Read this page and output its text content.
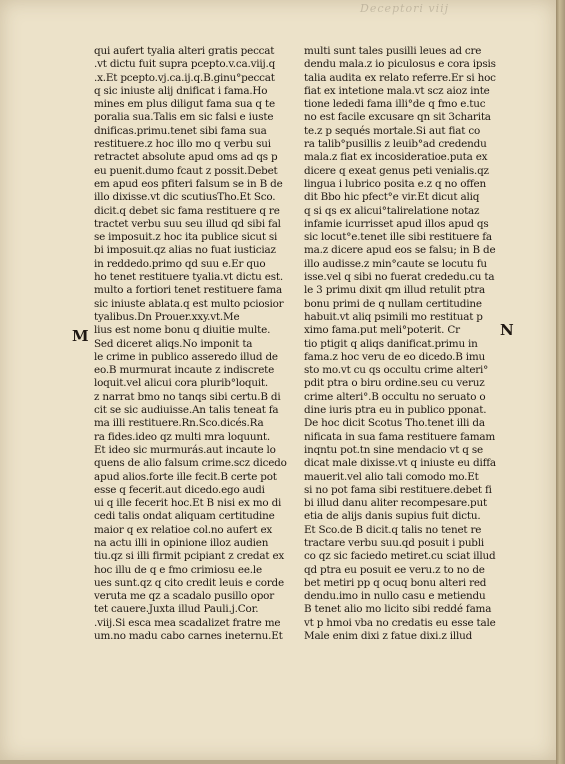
Deceptori viij
M	N
qui aufert tyalia alteri gratis peccat
.vt dictu fuit supra pcepto.v.ca.viij.q
.x.Et pcepto.vj.ca.ij.q.B.ginu°peccat
q sic iniuste alij dnificat i fama.Ho
mines em plus diligut fama sua q te
poralia sua.Talis em sic falsi e iuste
dnificas.primu.tenet sibi fama sua
restituere.z hoc illo mo q verbu sui
retractet absolute apud oms ad qs p
eu puenit.dumo fcaut z possit.Debet
em apud eos pfiteri falsum se in B de
illo dixisse.vt dic scutiusTho.Et Sco.
dicit.q debet sic fama restituere q re
tractet verbu suu seu illud qd sibi fal
se imposuit.z hoc ita publice sicut si
bi imposuit.qz alias no fuat iusticiaz
in reddedo.primo qd suu e.Er quo
ho tenet restituere tyalia.vt dictu est.
multo a fortiori tenet restituere fama
sic iniuste ablata.q est multo pciosior
tyalibus.Dn Prouer.xxy.vt.Me
lius est nome bonu q diuitie multe.
Sed diceret aliqs.No imponit ta
le crime in publico asseredo illud de
eo.B murmurat incaute z indiscrete
loquit.vel alicui cora plurib°loquit.
z narrat bmo no tanqs sibi certu.B di
cit se sic audiuisse.An talis teneat fa
ma illi restituere.Rn.Sco.dicés.Ra
ra fides.ideo qz multi mra loquunt.
Et ideo sic murmurás.aut incaute lo
quens de alio falsum crime.scz dicedo
apud alios.forte ille fecit.B certe pot
esse q fecerit.aut dicedo.ego audi
ui q ille fecerit hoc.Et B nisi ex mo di
cedi talis ondat aliquam certitudine
maior q ex relatioe col.no aufert ex
na actu illi in opinione illoz audien
tiu.qz si illi firmit pcipiant z credat ex
hoc illu de q e fmo crimiosu ee.le
ues sunt.qz q cito credit leuis e corde
veruta me qz a scadalo pusillo opor
tet cauere.Juxta illud Pauli.j.Cor.
.viij.Si esca mea scadalizet fratre me
um.no madu cabo carnes ineternu.Et
multi sunt tales pusilli leues ad cre
dendu mala.z io piculosus e cora ipsis
talia audita ex relato referre.Er si hoc
fiat ex intetione mala.vt scz aioz inte
tione lededi fama illi°de q fmo e.tuc
no est facile excusare qn sit 3charita
te.z p sequés mortale.Si aut fiat co
ra talib°pusillis z leuib°ad credendu
mala.z fiat ex incosideratioe.puta ex
dicere q exeat genus peti venialis.qz
lingua i lubrico posita e.z q no offen
dit Bbo hic pfect°e vir.Et dicut aliq
q si qs ex alicui°talirelatione notaz
infamie icurrisset apud illos apud qs
sic locut°e.tenet ille sibi restituere fa
ma.z dicere apud eos se falsu; in B de
illo audisse.z min°caute se locutu fu
isse.vel q sibi no fuerat crededu.cu ta
le 3 primu dixit qm illud retulit ptra
bonu primi de q nullam certitudine
habuit.vt aliq psimili mo restituat p
ximo fama.put meli°poterit. Cr
tio ptigit q aliqs danificat.primu in
fama.z hoc veru de eo dicedo.B imu
sto mo.vt cu qs occultu crime alteri°
pdit ptra o biru ordine.seu cu veruz
crime alteri°.B occultu no seruato o
dine iuris ptra eu in publico pponat.
De hoc dicit Scotus Tho.tenet illi da
nificata in sua fama restituere famam
inqntu pot.tn sine mendacio vt q se
dicat male dixisse.vt q iniuste eu diffa
mauerit.vel alio tali comodo mo.Et
si no pot fama sibi restituere.debet fi
bi illud danu aliter recompesare.put
etia de alijs danis supius fuit dictu.
Et Sco.de B dicit.q talis no tenet re
tractare verbu suu.qd posuit i publi
co qz sic faciedo metiret.cu sciat illud
qd ptra eu posuit ee veru.z to no de
bet metiri pp q ocuq bonu alteri red
dendu.imo in nullo casu e metiendu
B tenet alio mo licito sibi reddé fama
vt p hmoi vba no credatis eu esse tale
Male enim dixi z fatue dixi.z illud
